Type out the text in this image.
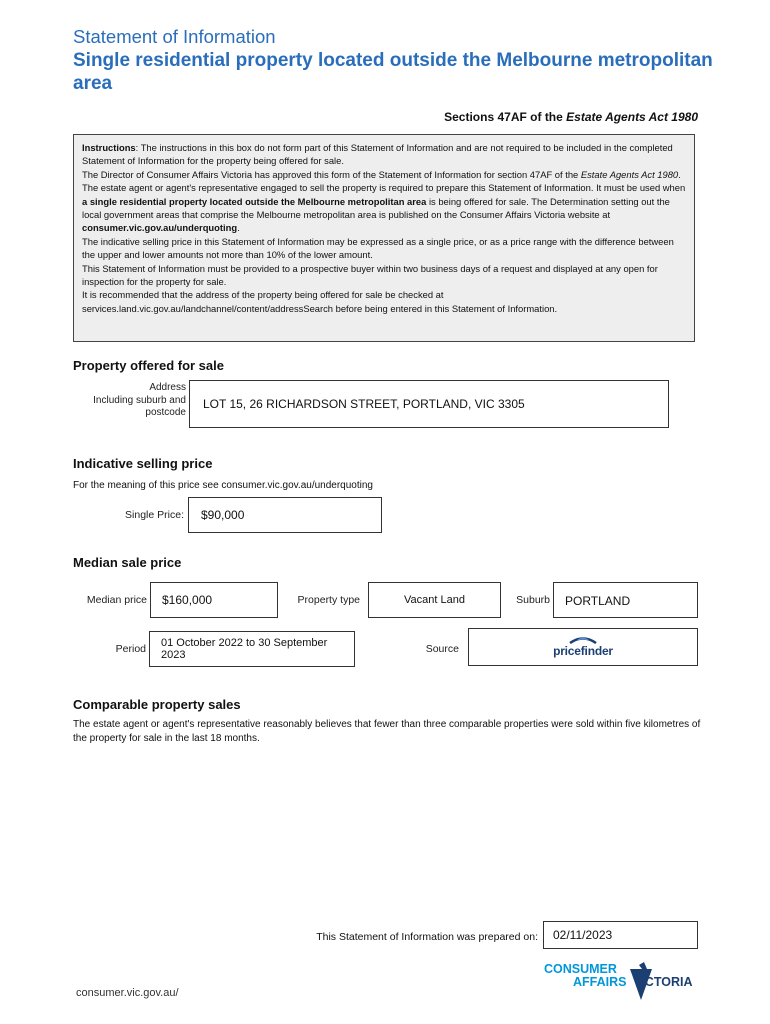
Statement of Information
Single residential property located outside the Melbourne metropolitan area
Sections 47AF of the Estate Agents Act 1980
Instructions: The instructions in this box do not form part of this Statement of Information and are not required to be included in the completed Statement of Information for the property being offered for sale.
The Director of Consumer Affairs Victoria has approved this form of the Statement of Information for section 47AF of the Estate Agents Act 1980.
The estate agent or agent's representative engaged to sell the property is required to prepare this Statement of Information. It must be used when a single residential property located outside the Melbourne metropolitan area is being offered for sale. The Determination setting out the local government areas that comprise the Melbourne metropolitan area is published on the Consumer Affairs Victoria website at consumer.vic.gov.au/underquoting.
The indicative selling price in this Statement of Information may be expressed as a single price, or as a price range with the difference between the upper and lower amounts not more than 10% of the lower amount.
This Statement of Information must be provided to a prospective buyer within two business days of a request and displayed at any open for inspection for the property for sale.
It is recommended that the address of the property being offered for sale be checked at services.land.vic.gov.au/landchannel/content/addressSearch before being entered in this Statement of Information.
Property offered for sale
Address
Including suburb and
postcode
LOT 15, 26 RICHARDSON STREET, PORTLAND, VIC 3305
Indicative selling price
For the meaning of this price see consumer.vic.gov.au/underquoting
Single Price:	$90,000
Median sale price
Median price	$160,000	Property type	Vacant Land	Suburb	PORTLAND
Period
01 October 2022 to 30 September 2023	Source	pricefinder
Comparable property sales
The estate agent or agent's representative reasonably believes that fewer than three comparable properties were sold within five kilometres of the property for sale in the last 18 months.
This Statement of Information was prepared on:	02/11/2023
consumer.vic.gov.au/
CONSUMER
AFFAIRS VICTORIA
